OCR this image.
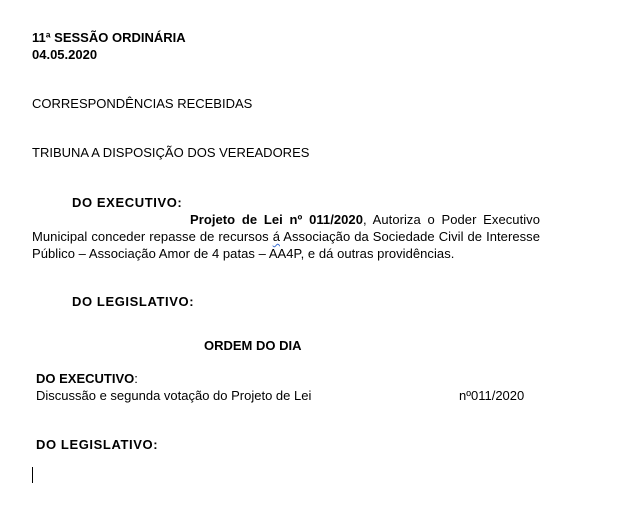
11ª SESSÃO ORDINÁRIA
04.05.2020
CORRESPONDÊNCIAS RECEBIDAS
TRIBUNA A DISPOSIÇÃO DOS VEREADORES
DO EXECUTIVO:
Projeto de Lei nº 011/2020, Autoriza o Poder Executivo Municipal conceder repasse de recursos á Associação da Sociedade Civil de Interesse Público – Associação Amor de 4 patas – AA4P, e dá outras providências.
DO LEGISLATIVO:
ORDEM DO DIA
DO EXECUTIVO:
Discussão e segunda votação do Projeto de Lei	nº011/2020
DO LEGISLATIVO:
